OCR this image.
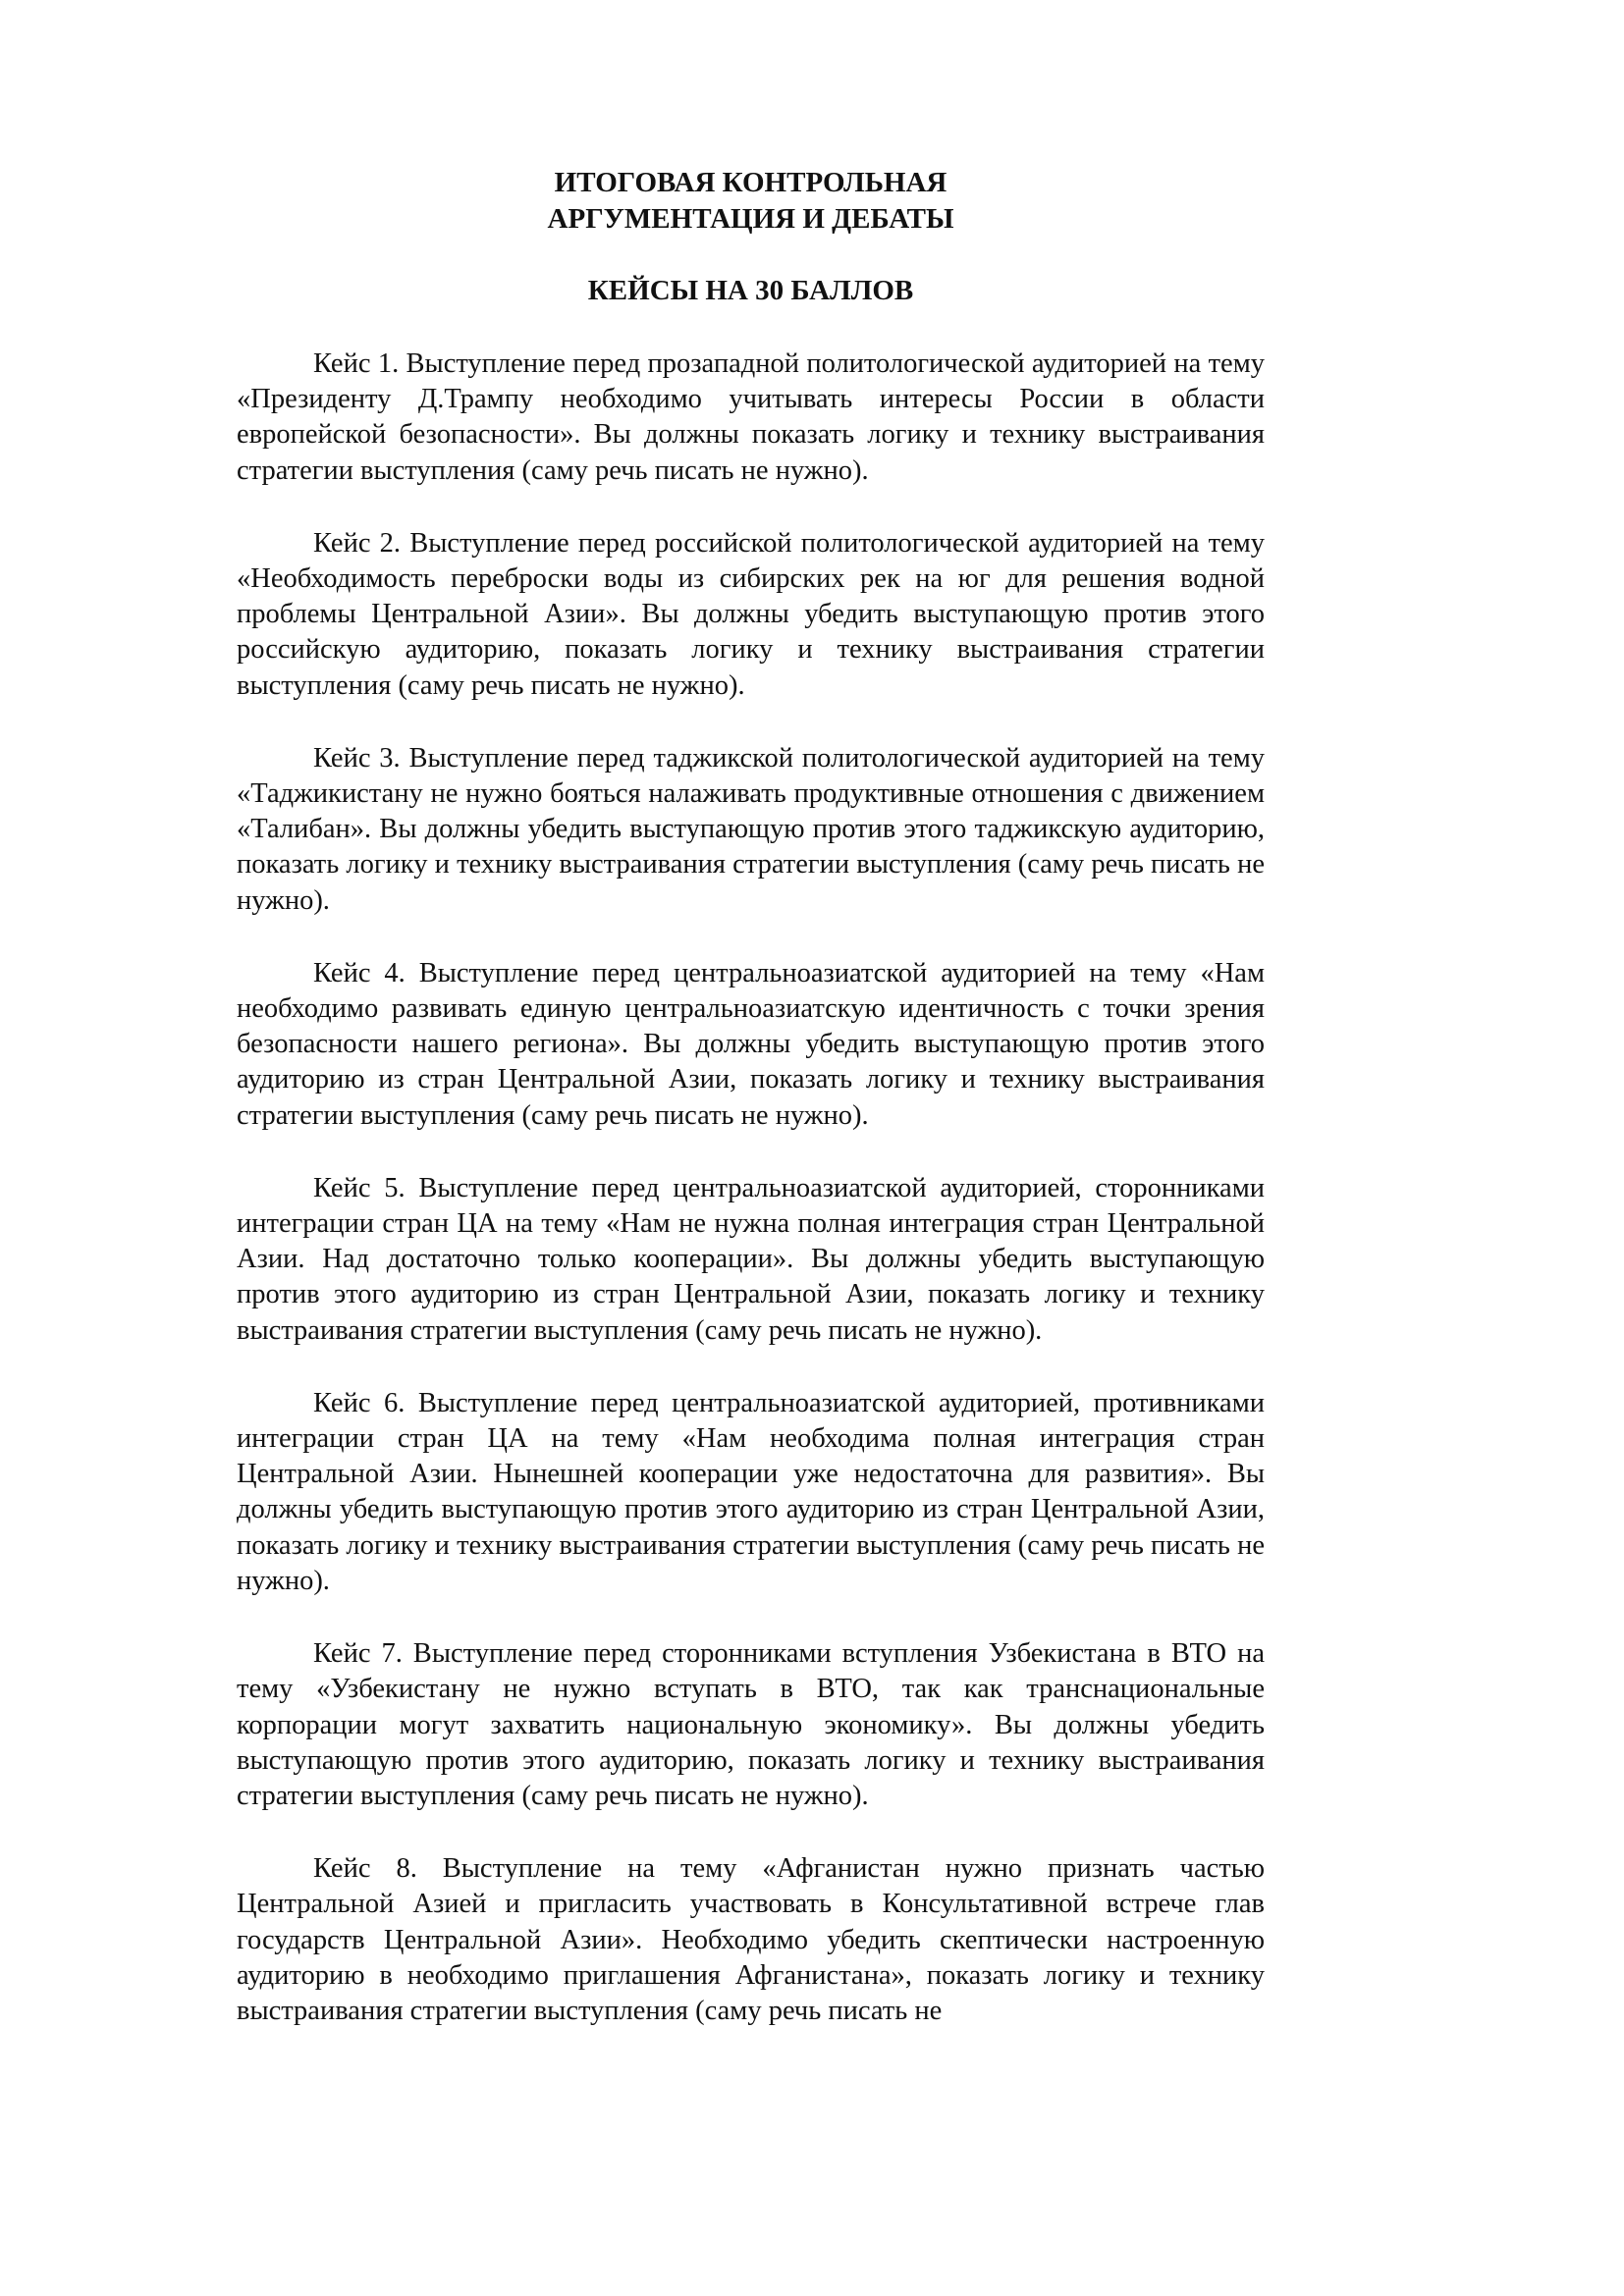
ИТОГОВАЯ КОНТРОЛЬНАЯ
АРГУМЕНТАЦИЯ И ДЕБАТЫ
КЕЙСЫ НА 30 БАЛЛОВ

Кейс 1. Выступление перед прозападной политологической аудиторией на тему «Президенту Д.Трампу необходимо учитывать интересы России в области европейской безопасности». Вы должны показать логику и технику выстраивания стратегии выступления (саму речь писать не нужно).

Кейс 2. Выступление перед российской политологической аудиторией на тему «Необходимость переброски воды из сибирских рек на юг для решения водной проблемы Центральной Азии». Вы должны убедить выступающую против этого российскую аудиторию, показать логику и технику выстраивания стратегии выступления (саму речь писать не нужно).

Кейс 3. Выступление перед таджикской политологической аудиторией на тему «Таджикистану не нужно бояться налаживать продуктивные отношения с движением «Талибан». Вы должны убедить выступающую против этого таджикскую аудиторию, показать логику и технику выстраивания стратегии выступления (саму речь писать не нужно).

Кейс 4. Выступление перед центральноазиатской аудиторией на тему «Нам необходимо развивать единую центральноазиатскую идентичность с точки зрения безопасности нашего региона». Вы должны убедить выступающую против этого аудиторию из стран Центральной Азии, показать логику и технику выстраивания стратегии выступления (саму речь писать не нужно).

Кейс 5. Выступление перед центральноазиатской аудиторией, сторонниками интеграции стран ЦА на тему «Нам не нужна полная интеграция стран Центральной Азии. Над достаточно только кооперации». Вы должны убедить выступающую против этого аудиторию из стран Центральной Азии, показать логику и технику выстраивания стратегии выступления (саму речь писать не нужно).

Кейс 6. Выступление перед центральноазиатской аудиторией, противниками интеграции стран ЦА на тему «Нам необходима полная интеграция стран Центральной Азии. Нынешней кооперации уже недостаточна для развития». Вы должны убедить выступающую против этого аудиторию из стран Центральной Азии, показать логику и технику выстраивания стратегии выступления (саму речь писать не нужно).

Кейс 7. Выступление перед сторонниками вступления Узбекистана в ВТО на тему «Узбекистану не нужно вступать в ВТО, так как транснациональные корпорации могут захватить национальную экономику». Вы должны убедить выступающую против этого аудиторию, показать логику и технику выстраивания стратегии выступления (саму речь писать не нужно).

Кейс 8. Выступление на тему «Афганистан нужно признать частью Центральной Азией и пригласить участвовать в Консультативной встрече глав государств Центральной Азии». Необходимо убедить скептически настроенную аудиторию в необходимо приглашения Афганистана», показать логику и технику выстраивания стратегии выступления (саму речь писать не
